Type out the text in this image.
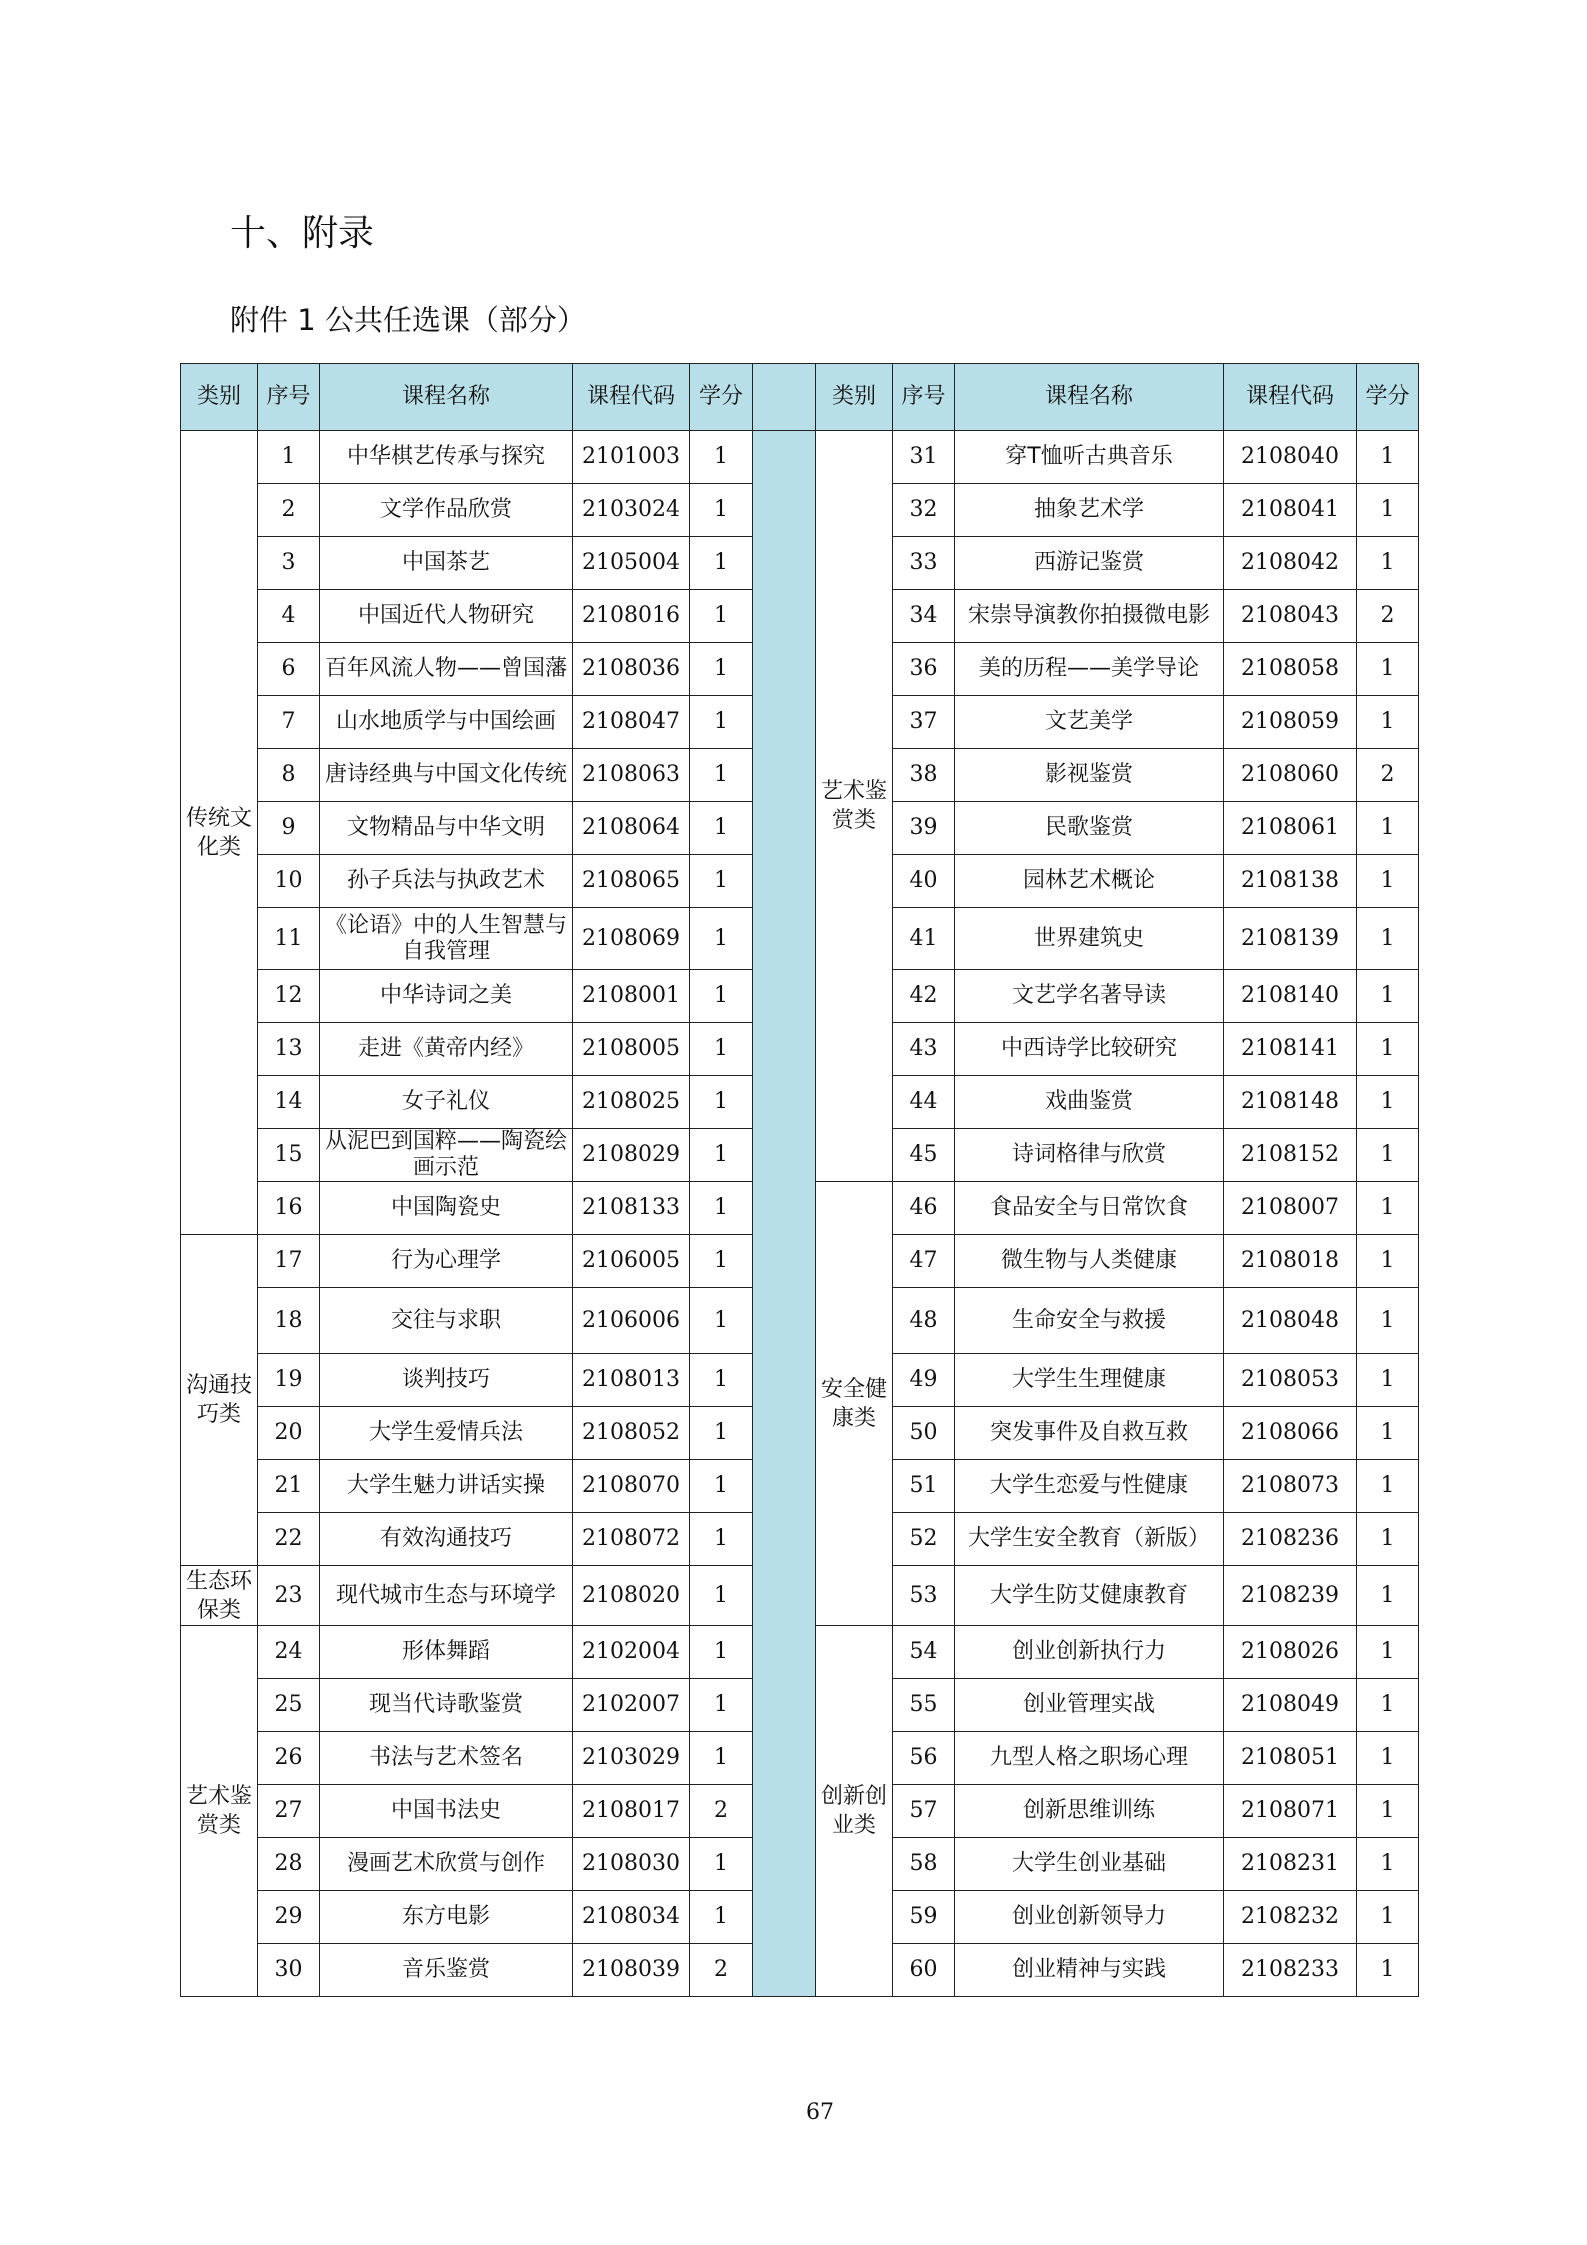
十、附录
附件 1 公共任选课（部分）
类别	序号	课程名称	课程代码	学分		类别	序号	课程名称	课程代码	学分
传统文化类	1	中华棋艺传承与探究	2101003	1		艺术鉴赏类	31	穿T恤听古典音乐	2108040	1
	2	文学作品欣赏	2103024	1			32	抽象艺术学	2108041	1
	3	中国茶艺	2105004	1			33	西游记鉴赏	2108042	1
	4	中国近代人物研究	2108016	1			34	宋崇导演教你拍摄微电影	2108043	2
	6	百年风流人物——曾国藩	2108036	1			36	美的历程——美学导论	2108058	1
	7	山水地质学与中国绘画	2108047	1			37	文艺美学	2108059	1
	8	唐诗经典与中国文化传统	2108063	1			38	影视鉴赏	2108060	2
	9	文物精品与中华文明	2108064	1			39	民歌鉴赏	2108061	1
	10	孙子兵法与执政艺术	2108065	1			40	园林艺术概论	2108138	1
	11	《论语》中的人生智慧与自我管理	2108069	1			41	世界建筑史	2108139	1
	12	中华诗词之美	2108001	1			42	文艺学名著导读	2108140	1
	13	走进《黄帝内经》	2108005	1			43	中西诗学比较研究	2108141	1
	14	女子礼仪	2108025	1			44	戏曲鉴赏	2108148	1
	15	从泥巴到国粹——陶瓷绘画示范	2108029	1			45	诗词格律与欣赏	2108152	1
	16	中国陶瓷史	2108133	1		安全健康类	46	食品安全与日常饮食	2108007	1
沟通技巧类	17	行为心理学	2106005	1			47	微生物与人类健康	2108018	1
	18	交往与求职	2106006	1			48	生命安全与救援	2108048	1
	19	谈判技巧	2108013	1			49	大学生生理健康	2108053	1
	20	大学生爱情兵法	2108052	1			50	突发事件及自救互救	2108066	1
	21	大学生魅力讲话实操	2108070	1			51	大学生恋爱与性健康	2108073	1
	22	有效沟通技巧	2108072	1			52	大学生安全教育（新版）	2108236	1
生态环保类	23	现代城市生态与环境学	2108020	1			53	大学生防艾健康教育	2108239	1
艺术鉴赏类	24	形体舞蹈	2102004	1		创新创业类	54	创业创新执行力	2108026	1
	25	现当代诗歌鉴赏	2102007	1			55	创业管理实战	2108049	1
	26	书法与艺术签名	2103029	1			56	九型人格之职场心理	2108051	1
	27	中国书法史	2108017	2			57	创新思维训练	2108071	1
	28	漫画艺术欣赏与创作	2108030	1			58	大学生创业基础	2108231	1
	29	东方电影	2108034	1			59	创业创新领导力	2108232	1
	30	音乐鉴赏	2108039	2			60	创业精神与实践	2108233	1
67
